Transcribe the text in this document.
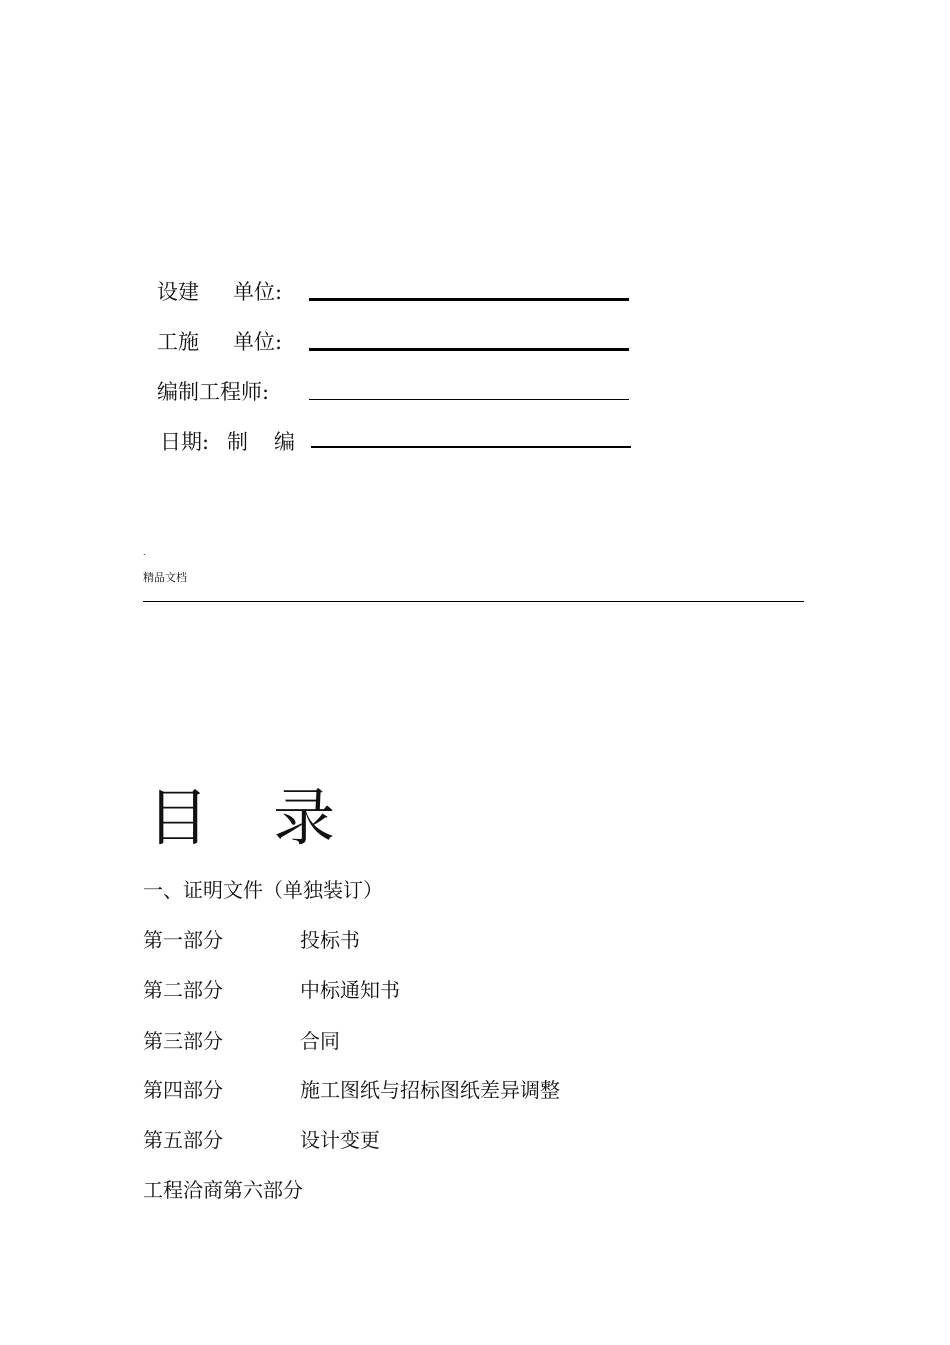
设建 单位:
工施 单位:
编制工程师:
日期: 制 编
.
精品文档
目 录
一、证明文件（单独装订）
第一部分	投标书
第二部分	中标通知书
第三部分	合同
第四部分	施工图纸与招标图纸差异调整
第五部分	设计变更
工程洽商第六部分
